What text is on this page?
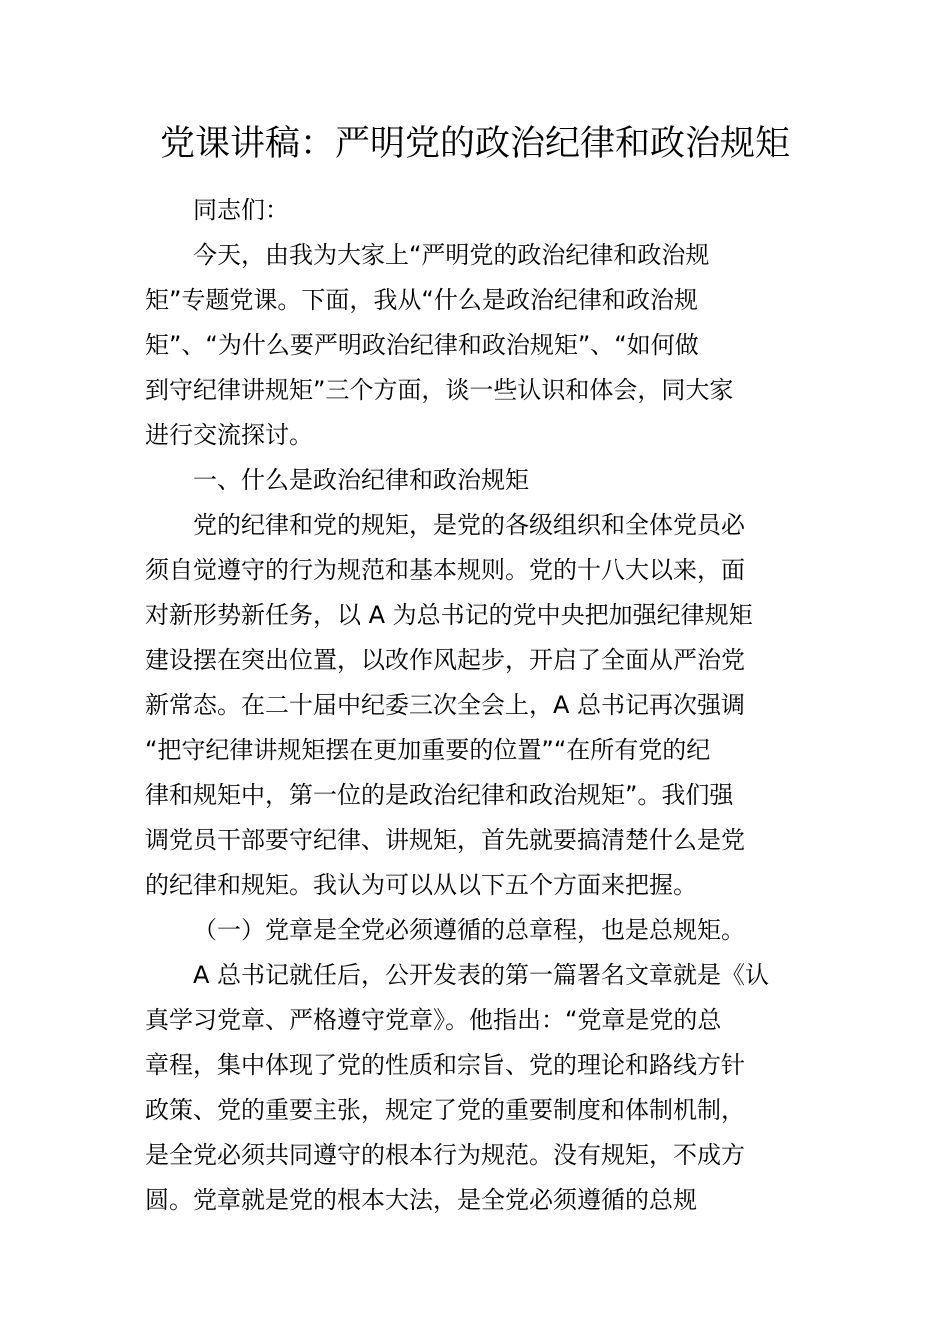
党课讲稿：严明党的政治纪律和政治规矩

同志们：

今天，由我为大家上“严明党的政治纪律和政治规
矩”专题党课。下面，我从“什么是政治纪律和政治规
矩”、“为什么要严明政治纪律和政治规矩”、“如何做
到守纪律讲规矩”三个方面，谈一些认识和体会，同大家
进行交流探讨。

一、什么是政治纪律和政治规矩

党的纪律和党的规矩，是党的各级组织和全体党员必
须自觉遵守的行为规范和基本规则。党的十八大以来，面
对新形势新任务，以 A 为总书记的党中央把加强纪律规矩
建设摆在突出位置，以改作风起步，开启了全面从严治党
新常态。在二十届中纪委三次全会上，A 总书记再次强调
“把守纪律讲规矩摆在更加重要的位置”“在所有党的纪
律和规矩中，第一位的是政治纪律和政治规矩”。我们强
调党员干部要守纪律、讲规矩，首先就要搞清楚什么是党
的纪律和规矩。我认为可以从以下五个方面来把握。

（一）党章是全党必须遵循的总章程，也是总规矩。

A 总书记就任后，公开发表的第一篇署名文章就是《认
真学习党章、严格遵守党章》。他指出：“党章是党的总
章程，集中体现了党的性质和宗旨、党的理论和路线方针
政策、党的重要主张，规定了党的重要制度和体制机制，
是全党必须共同遵守的根本行为规范。没有规矩，不成方
圆。党章就是党的根本大法，是全党必须遵循的总规
